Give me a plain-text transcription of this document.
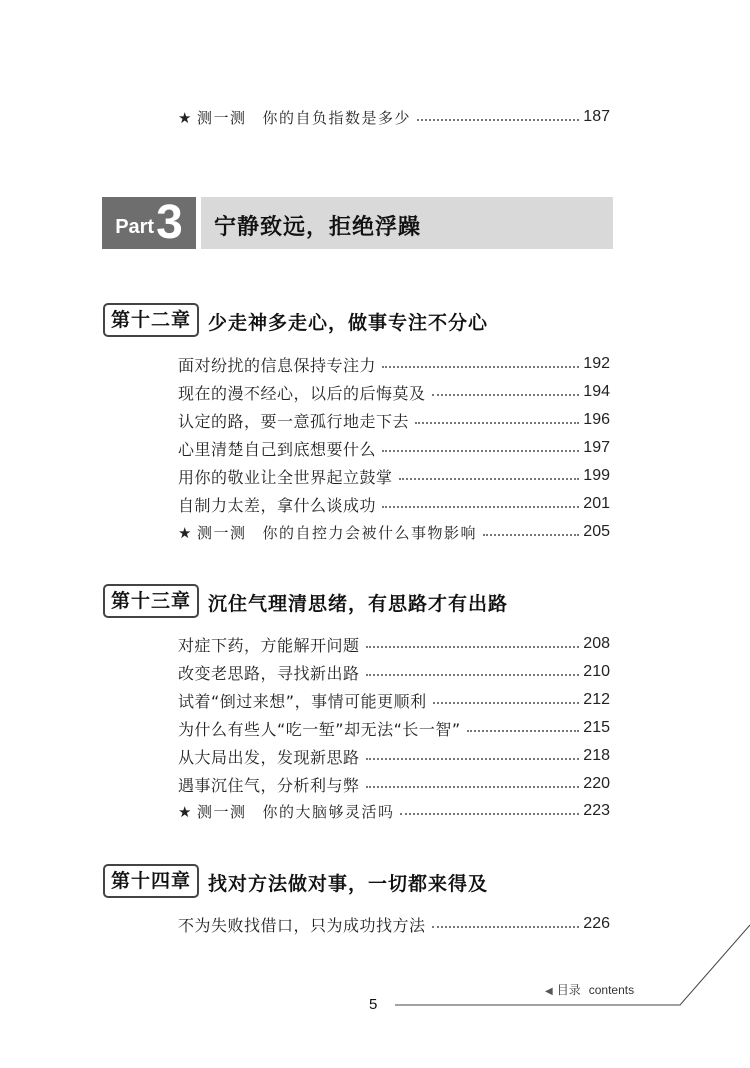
★ 测一测 你的自负指数是多少	187
Part 3 宁静致远，拒绝浮躁
第十二章 少走神多走心，做事专注不分心
面对纷扰的信息保持专注力	192
现在的漫不经心，以后的后悔莫及	194
认定的路，要一意孤行地走下去	196
心里清楚自己到底想要什么	197
用你的敬业让全世界起立鼓掌	199
自制力太差，拿什么谈成功	201
★ 测一测 你的自控力会被什么事物影响	205
第十三章 沉住气理清思绪，有思路才有出路
对症下药，方能解开问题	208
改变老思路，寻找新出路	210
试着“倒过来想”，事情可能更顺利	212
为什么有些人“吃一堑”却无法“长一智”	215
从大局出发，发现新思路	218
遇事沉住气，分析利与弊	220
★ 测一测 你的大脑够灵活吗	223
第十四章 找对方法做对事，一切都来得及
不为失败找借口，只为成功找方法	226
◀ 目录 contents
5
